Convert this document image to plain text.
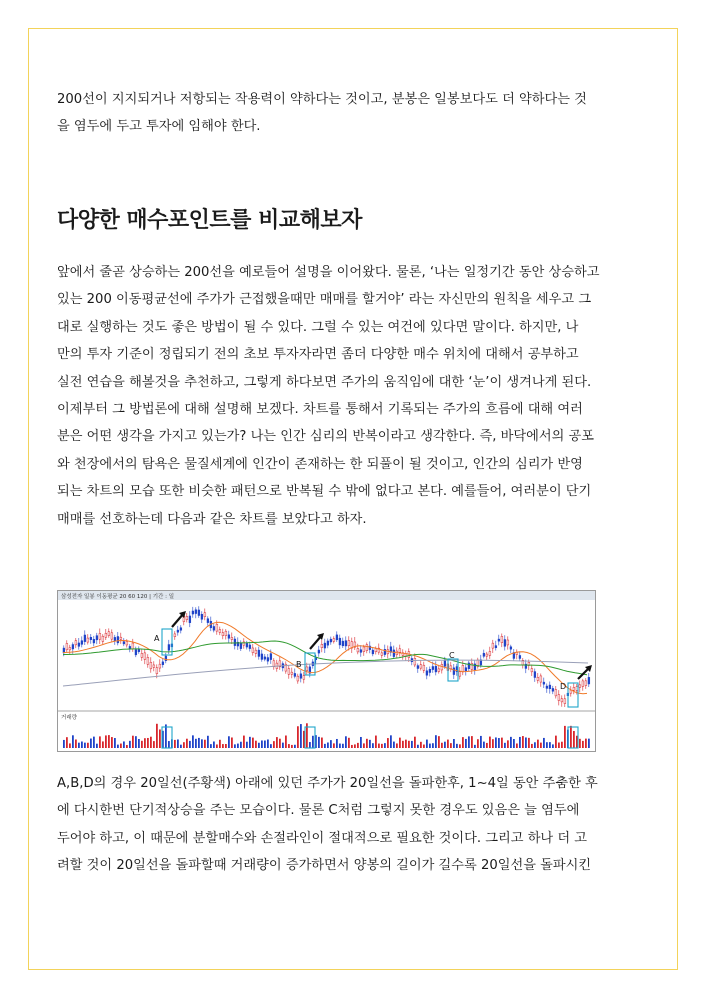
200선이 지지되거나 저항되는 작용력이 약하다는 것이고, 분봉은 일봉보다도 더 약하다는 것

을 염두에 두고 투자에 임해야 한다.

다양한 매수포인트를 비교해보자

앞에서 줄곧 상승하는 200선을 예로들어 설명을 이어왔다. 물론, ‘나는 일정기간 동안 상승하고

있는 200 이동평균선에 주가가 근접했을때만 매매를 할거야’ 라는 자신만의 원칙을 세우고 그

대로 실행하는 것도 좋은 방법이 될 수 있다. 그럴 수 있는 여건에 있다면 말이다. 하지만, 나

만의 투자 기준이 정립되기 전의 초보 투자자라면 좀더 다양한 매수 위치에 대해서 공부하고

실전 연습을 해볼것을 추천하고, 그렇게 하다보면 주가의 움직임에 대한 ‘눈’이 생겨나게 된다.

이제부터 그 방법론에 대해 설명해 보겠다. 차트를 통해서 기록되는 주가의 흐름에 대해 여러

분은 어떤 생각을 가지고 있는가? 나는 인간 심리의 반복이라고 생각한다. 즉, 바닥에서의 공포

와 천장에서의 탐욕은 물질세계에 인간이 존재하는 한 되풀이 될 것이고, 인간의 심리가 반영

되는 차트의 모습 또한 비슷한 패턴으로 반복될 수 밖에 없다고 본다. 예를들어, 여러분이 단기

매매를 선호하는데 다음과 같은 차트를 보았다고 하자.

삼성전자 일봉 이동평균 20 60 120 | 기간 : 일
거래량
A
B
C
D

A,B,D의 경우 20일선(주황색) 아래에 있던 주가가 20일선을 돌파한후, 1~4일 동안 주춤한 후

에 다시한번 단기적상승을 주는 모습이다. 물론 C처럼 그렇지 못한 경우도 있음은 늘 염두에

두어야 하고, 이 때문에 분할매수와 손절라인이 절대적으로 필요한 것이다. 그리고 하나 더 고

려할 것이 20일선을 돌파할때 거래량이 증가하면서 양봉의 길이가 길수록 20일선을 돌파시킨
